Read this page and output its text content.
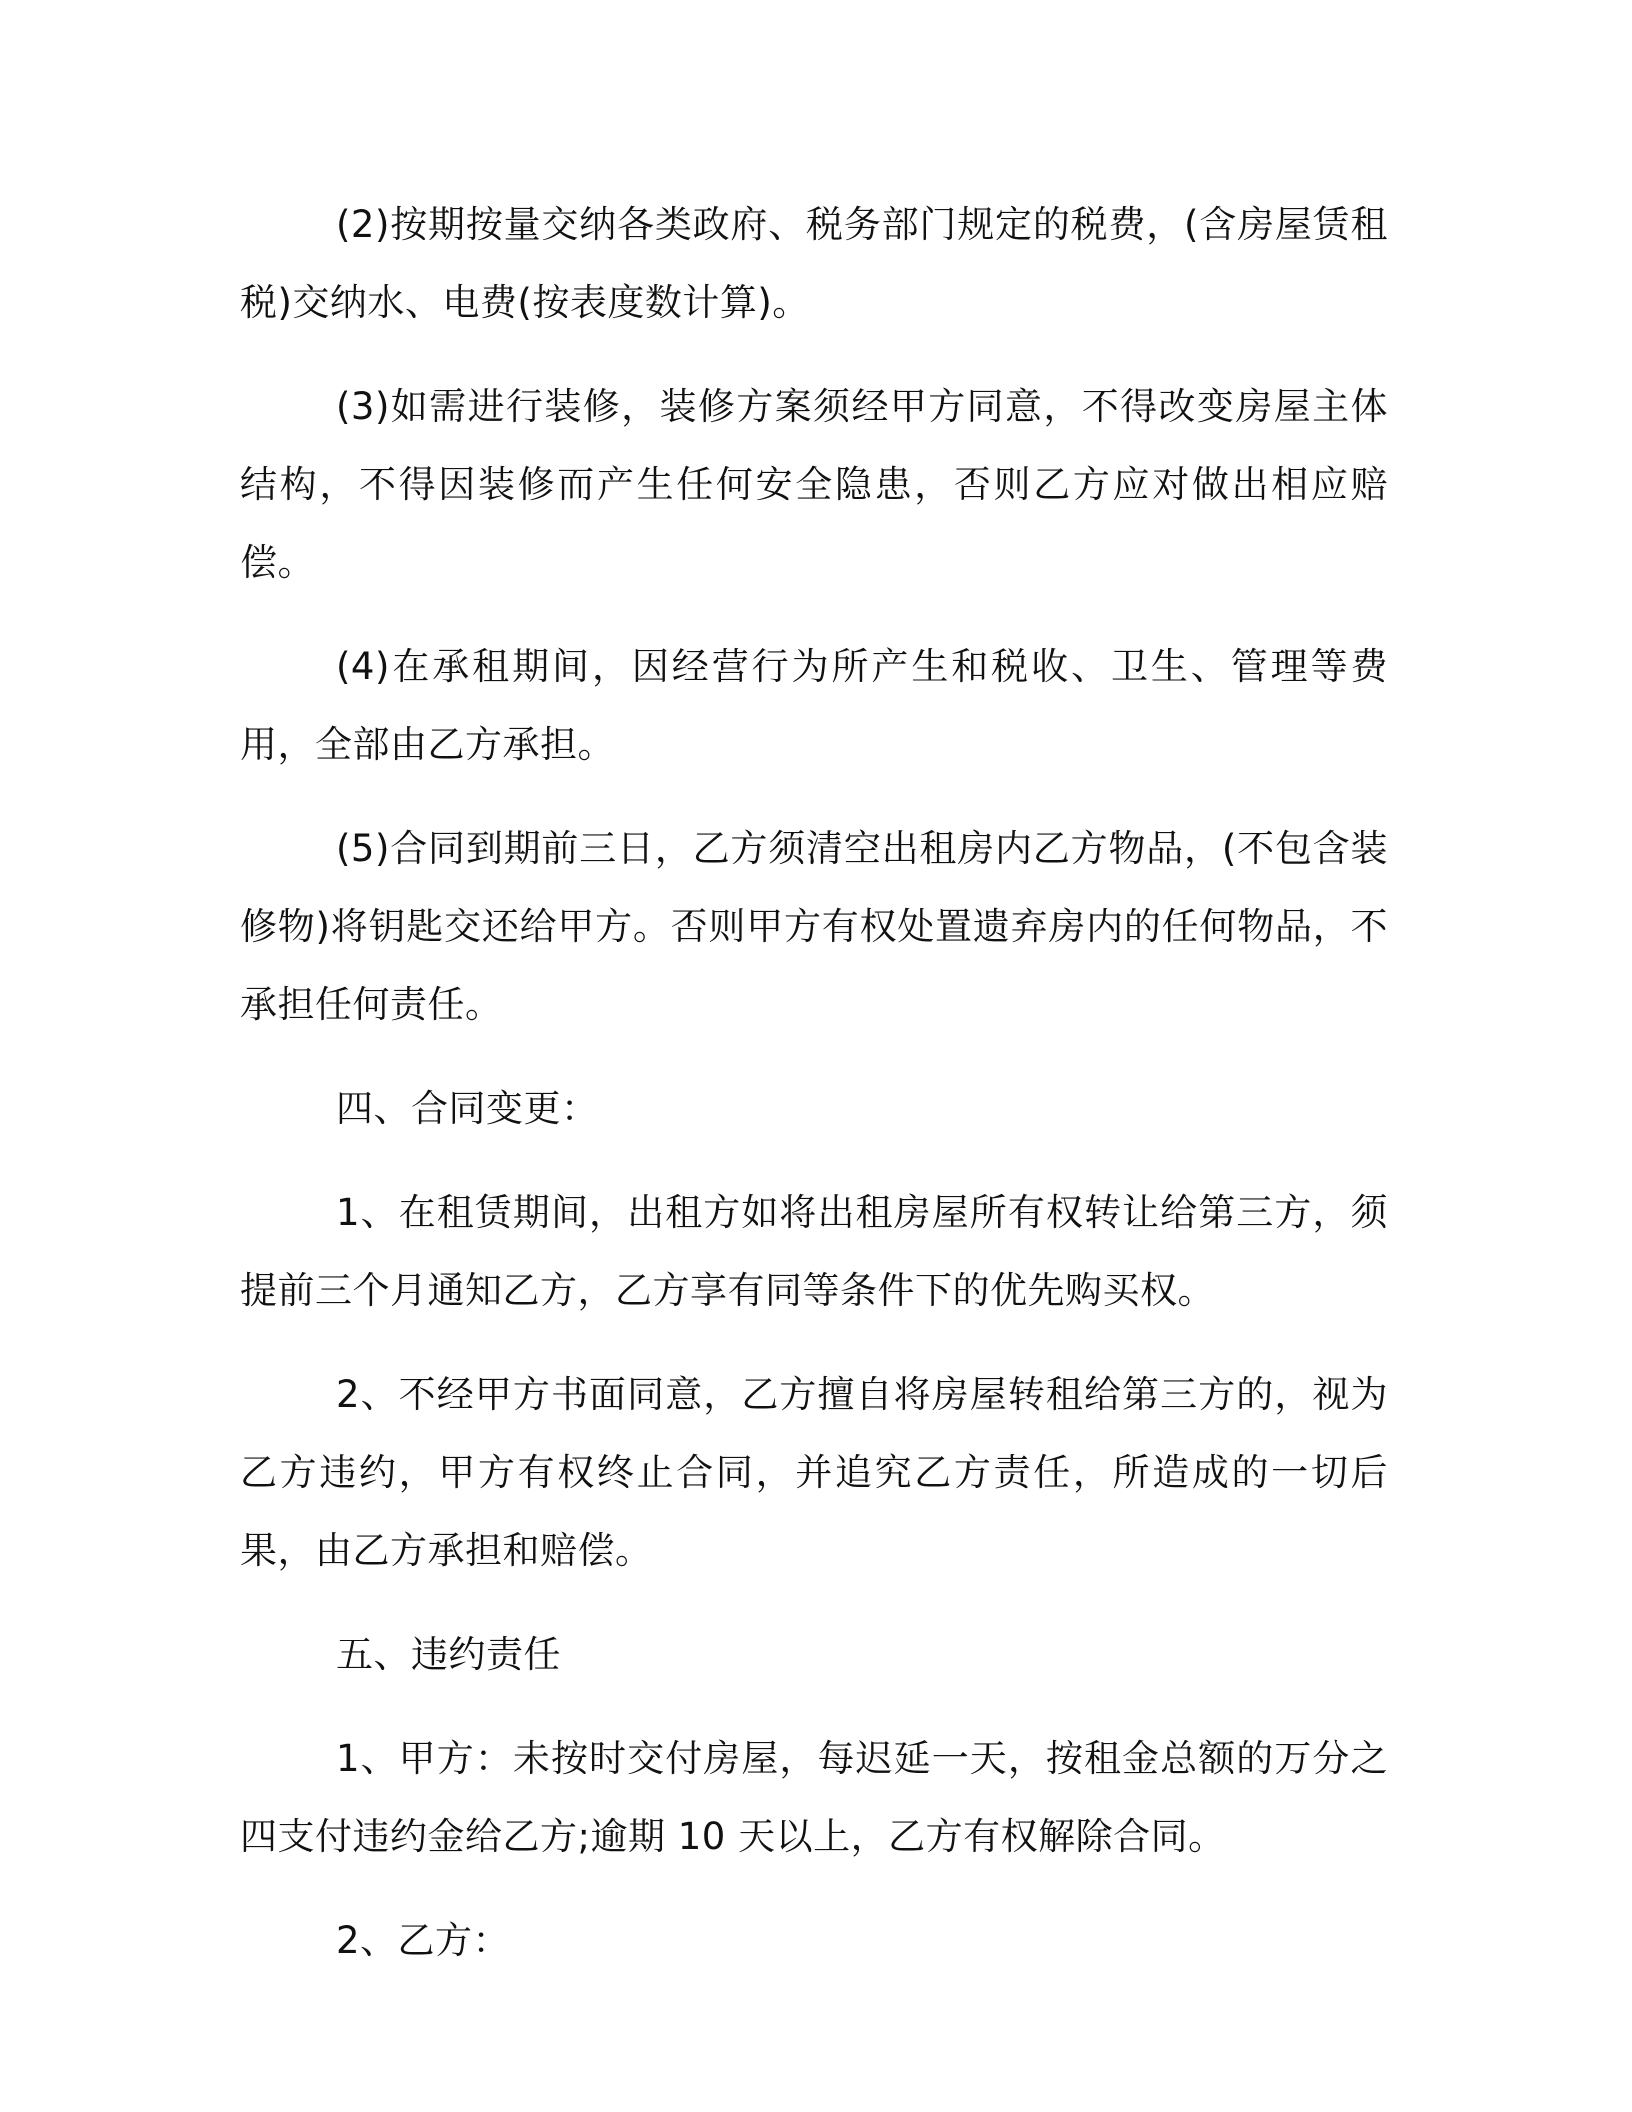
(2)按期按量交纳各类政府、税务部门规定的税费，(含房屋赁租税)交纳水、电费(按表度数计算)。

(3)如需进行装修，装修方案须经甲方同意，不得改变房屋主体结构，不得因装修而产生任何安全隐患，否则乙方应对做出相应赔偿。

(4)在承租期间，因经营行为所产生和税收、卫生、管理等费用，全部由乙方承担。

(5)合同到期前三日，乙方须清空出租房内乙方物品，(不包含装修物)将钥匙交还给甲方。否则甲方有权处置遗弃房内的任何物品，不承担任何责任。

四、合同变更：

1、在租赁期间，出租方如将出租房屋所有权转让给第三方，须提前三个月通知乙方，乙方享有同等条件下的优先购买权。

2、不经甲方书面同意，乙方擅自将房屋转租给第三方的，视为乙方违约，甲方有权终止合同，并追究乙方责任，所造成的一切后果，由乙方承担和赔偿。

五、违约责任

1、甲方：未按时交付房屋，每迟延一天，按租金总额的万分之四支付违约金给乙方;逾期 10 天以上，乙方有权解除合同。

2、乙方：
